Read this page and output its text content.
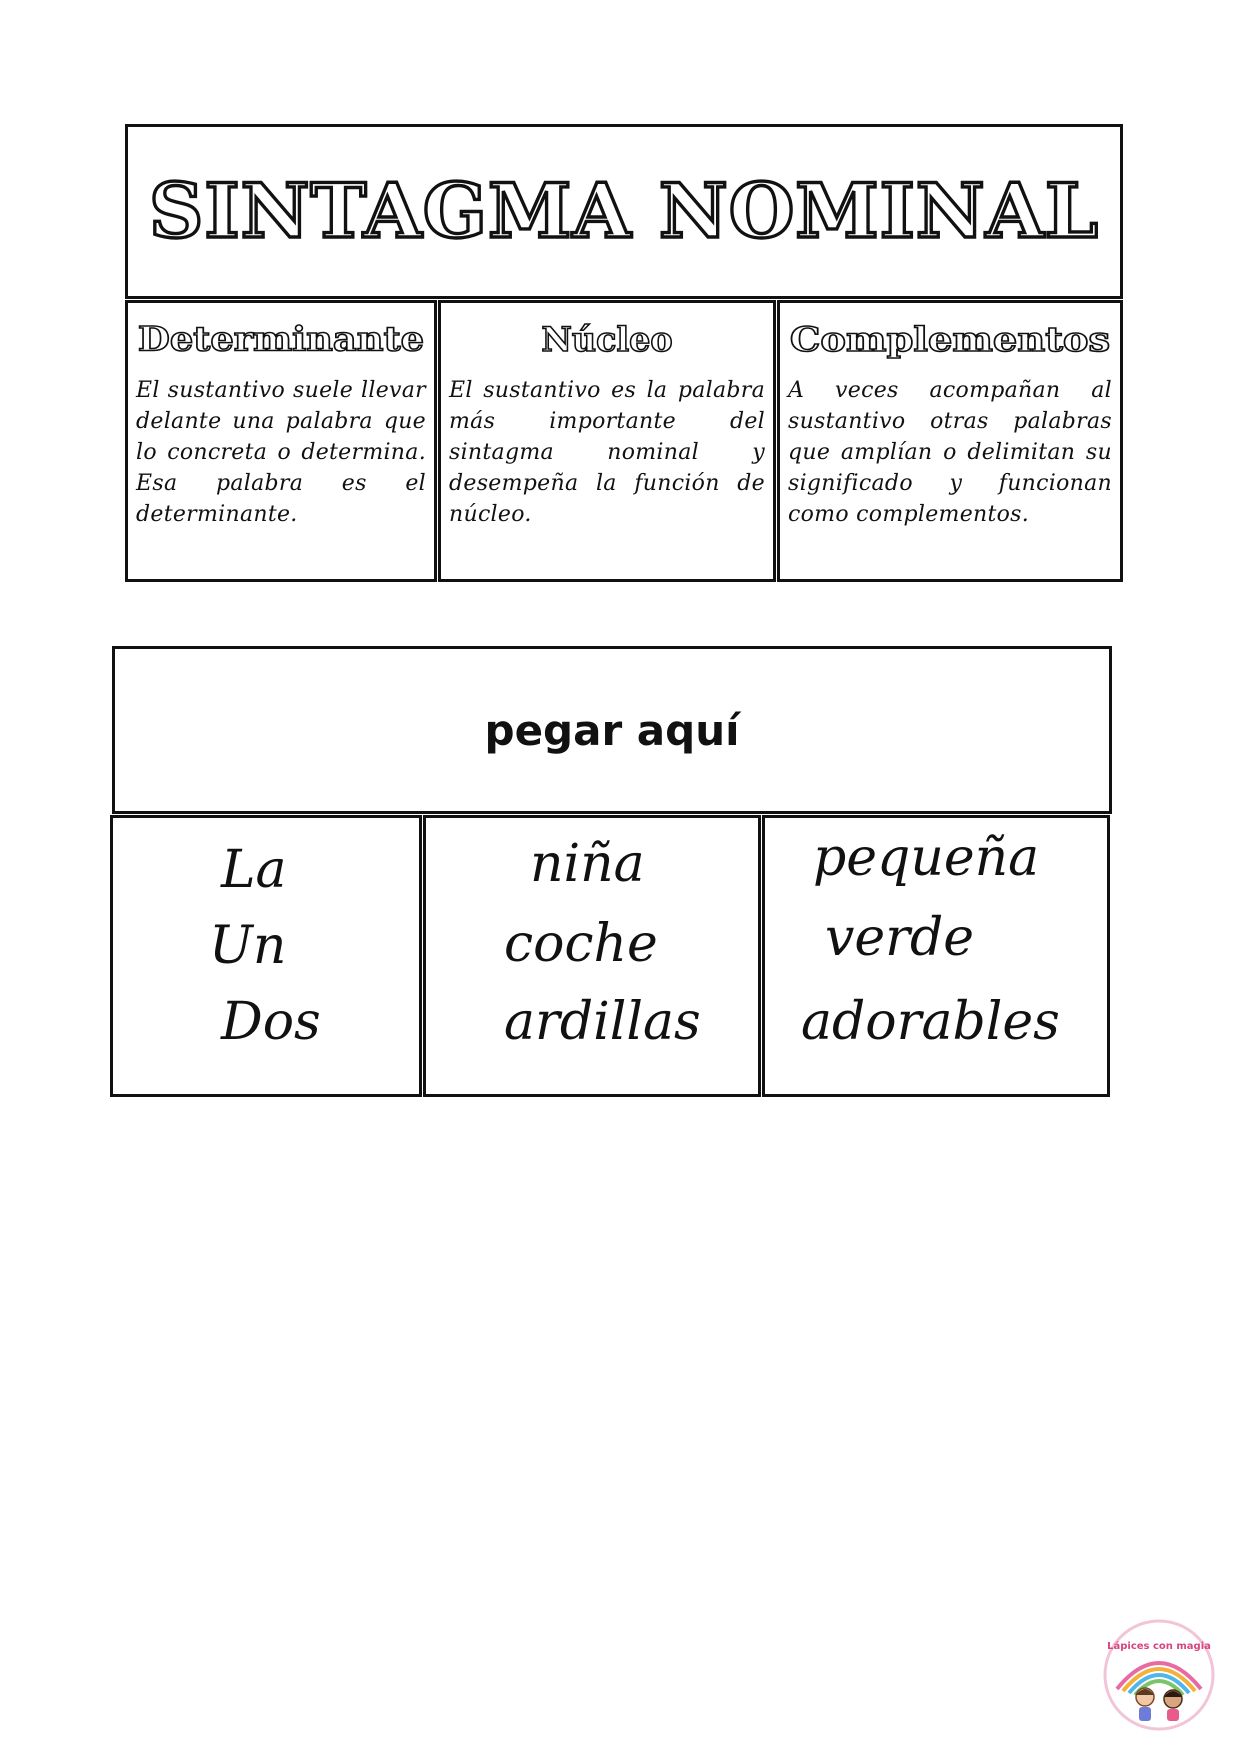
SINTAGMA NOMINAL
Determinante

El sustantivo suele llevar delante una palabra que lo concreta o determina. Esa palabra es el determinante.

Núcleo

El sustantivo es la palabra más importante del sintagma nominal y desempeña la función de núcleo.

Complementos

A veces acompañan al sustantivo otras palabras que amplían o delimitan su significado y funcionan como complementos.

pegar aquí
La
Un
Dos
niña
coche
ardillas
pequeña
verde
adorables
Lápices con magia
